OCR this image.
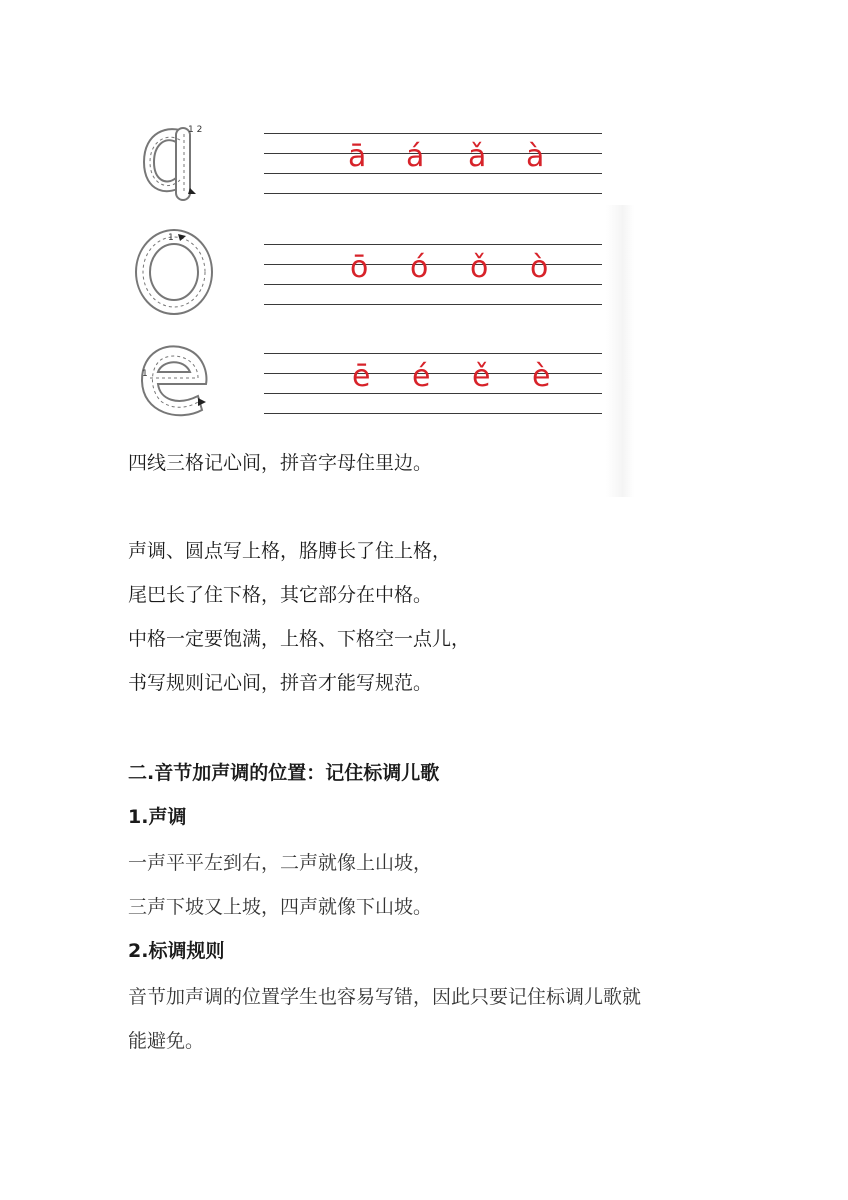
1 2
1
1
ā á ǎ à
ō ó ǒ ò
ē é ě è
四线三格记心间，拼音字母住里边。
声调、圆点写上格，胳膊长了住上格，
尾巴长了住下格，其它部分在中格。
中格一定要饱满，上格、下格空一点儿，
书写规则记心间，拼音才能写规范。
二.音节加声调的位置：记住标调儿歌
1.声调
一声平平左到右，二声就像上山坡，
三声下坡又上坡，四声就像下山坡。
2.标调规则
音节加声调的位置学生也容易写错，因此只要记住标调儿歌就
能避免。
